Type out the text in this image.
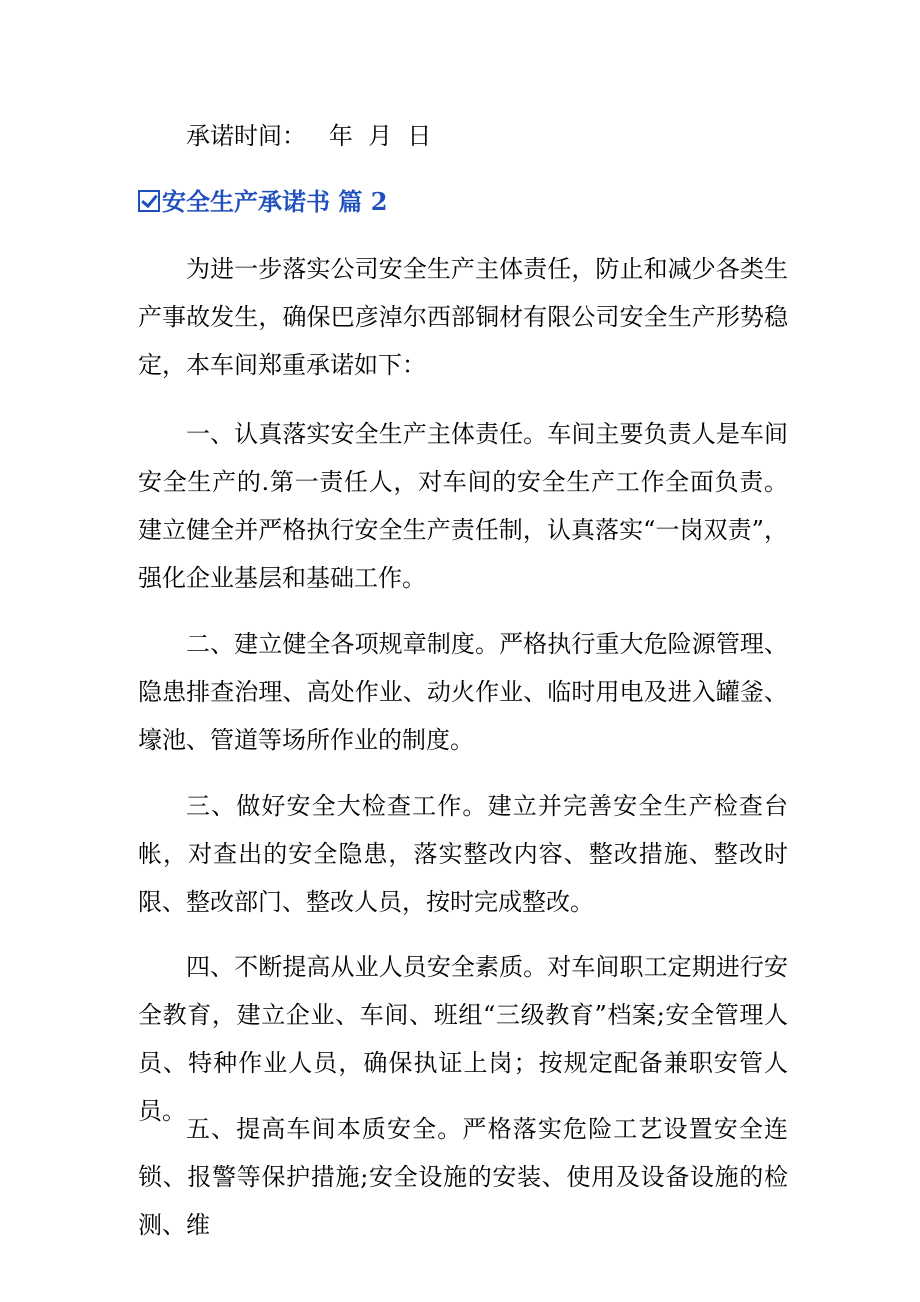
承诺时间：   年  月  日
安全生产承诺书 篇 2

为进一步落实公司安全生产主体责任，防止和减少各类生产事故发生，确保巴彦淖尔西部铜材有限公司安全生产形势稳定，本车间郑重承诺如下：

一、认真落实安全生产主体责任。车间主要负责人是车间安全生产的.第一责任人，对车间的安全生产工作全面负责。建立健全并严格执行安全生产责任制，认真落实“一岗双责”，强化企业基层和基础工作。

二、建立健全各项规章制度。严格执行重大危险源管理、隐患排查治理、高处作业、动火作业、临时用电及进入罐釜、壕池、管道等场所作业的制度。

三、做好安全大检查工作。建立并完善安全生产检查台帐，对查出的安全隐患，落实整改内容、整改措施、整改时限、整改部门、整改人员，按时完成整改。

四、不断提高从业人员安全素质。对车间职工定期进行安全教育，建立企业、车间、班组“三级教育”档案;安全管理人员、特种作业人员，确保执证上岗；按规定配备兼职安管人员。

五、提高车间本质安全。严格落实危险工艺设置安全连锁、报警等保护措施;安全设施的安装、使用及设备设施的检测、维
